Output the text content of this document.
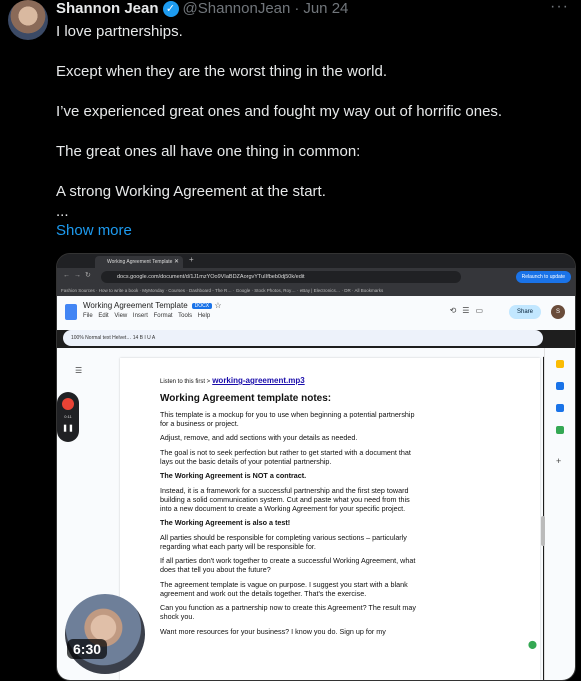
Shannon Jean ✓ @ShannonJean · Jun 24	···

I love partnerships.

Except when they are the worst thing in the world.

I’ve experienced great ones and fought my way out of horrific ones.

The great ones all have one thing in common:

A strong Working Agreement at the start.

...

Show more
Working Agreement Template ✕ +
←→↻	docs.google.com/document/d/1J1mzYOo9VIaBDZAorgvYTuIIfbeb0dj50k/edit	Relaunch to update
Fashion Sources · How to write a book · MyMonday · Courses · Dashboard - The R… · Google · Stock Photos, Roy… · eBay | Electronics… · DR · All Bookmarks
Working Agreement Template DOCX ☆
File Edit View Insert Format Tools Help
⟲☰▭	Share	S
100% Normal text Helvet… 14 B I U A
+
☰

Listen to this first > working-agreement.mp3

Working Agreement template notes:

This template is a mockup for you to use when beginning a potential partnership for a business or project.

Adjust, remove, and add sections with your details as needed.

The goal is not to seek perfection but rather to get started with a document that lays out the basic details of your potential partnership.

The Working Agreement is NOT a contract.

Instead, it is a framework for a successful partnership and the first step toward building a solid communication system. Cut and paste what you need from this into a new document to create a Working Agreement for your specific project.

The Working Agreement is also a test!

All parties should be responsible for completing various sections – particularly regarding what each party will be responsible for.

If all parties don't work together to create a successful Working Agreement, what does that tell you about the future?

The agreement template is vague on purpose. I suggest you start with a blank agreement and work out the details together. That's the exercise.

Can you function as a partnership now to create this Agreement? The result may shock you.

Want more resources for your business? I know you do. Sign up for my

0:11
❚❚
⬤
6:30
